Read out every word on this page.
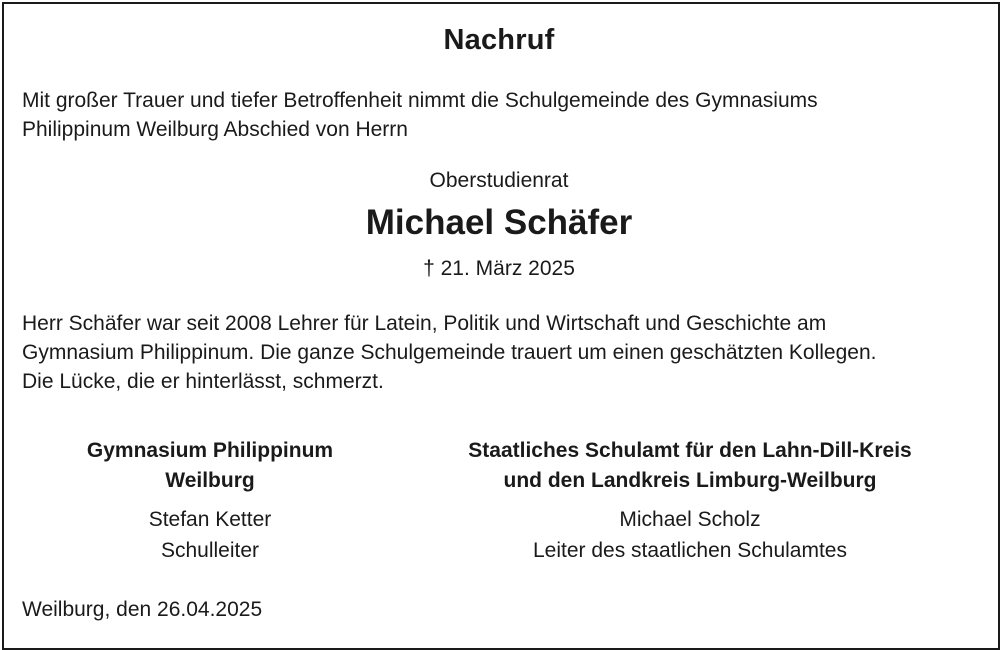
Nachruf
Mit großer Trauer und tiefer Betroffenheit nimmt die Schulgemeinde des Gymnasiums
Philippinum Weilburg Abschied von Herrn
Oberstudienrat
Michael Schäfer
† 21. März 2025
Herr Schäfer war seit 2008 Lehrer für Latein, Politik und Wirtschaft und Geschichte am
Gymnasium Philippinum. Die ganze Schulgemeinde trauert um einen geschätzten Kollegen.
Die Lücke, die er hinterlässt, schmerzt.
Gymnasium Philippinum
Weilburg
Stefan Ketter
Schulleiter
Staatliches Schulamt für den Lahn-Dill-Kreis
und den Landkreis Limburg-Weilburg
Michael Scholz
Leiter des staatlichen Schulamtes
Weilburg, den 26.04.2025
